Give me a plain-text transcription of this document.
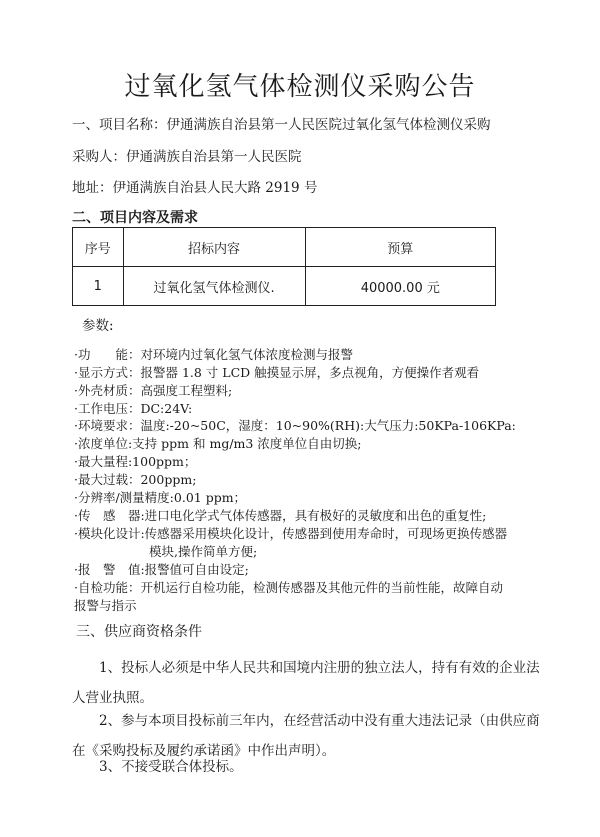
过氧化氢气体检测仪采购公告
一、项目名称：伊通满族自治县第一人民医院过氧化氢气体检测仪采购
采购人：伊通满族自治县第一人民医院
地址：伊通满族自治县人民大路 2919 号
二、项目内容及需求
序号	招标内容	预算
1	过氧化氢气体检测仪.	40000.00 元
参数:
·功　　能：对环境内过氧化氢气体浓度检测与报警
·显示方式：报警器 1.8 寸 LCD 触摸显示屏，多点视角，方便操作者观看
·外壳材质：高强度工程塑料;
·工作电压：DC:24V:
·环境要求：温度:-20~50C，湿度：10~90%(RH):大气压力:50KPa-106KPa:
·浓度单位:支持 ppm 和 mg/m3 浓度单位自由切换;
·最大量程:100ppm；
·最大过载：200ppm;
·分辨率/测量精度:0.01 ppm；
·传　感　器:进口电化学式气体传感器，具有极好的灵敏度和出色的重复性;
·模块化设计:传感器采用模块化设计，传感器到使用寿命时，可现场更换传感器
　　　　　　模块,操作简单方便;
·报　警　值:报警值可自由设定;
·自检功能：开机运行自检功能，检测传感器及其他元件的当前性能，故障自动
报警与指示
三、供应商资格条件
1、投标人必须是中华人民共和国境内注册的独立法人，持有有效的企业法人营业执照。
2、参与本项目投标前三年内，在经营活动中没有重大违法记录（由供应商在《采购投标及履约承诺函》中作出声明）。
3、不接受联合体投标。
